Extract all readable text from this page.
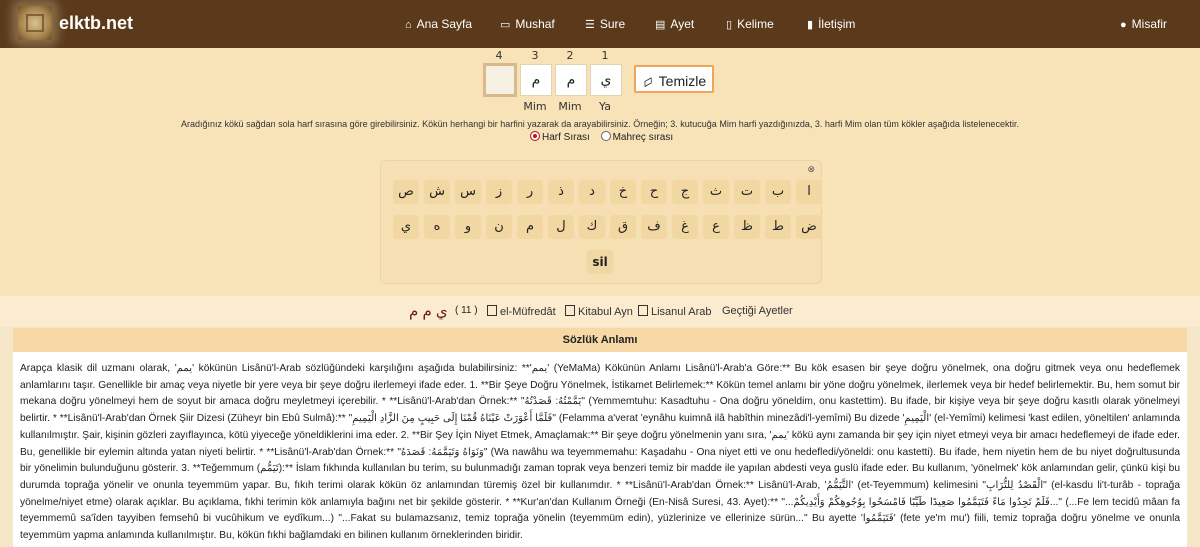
elktb.net	⌂ Ana Sayfa	▭ Mushaf	☰ Sure	▤ Ayet	▯ Kelime	▮ İletişim	● Misafir
4	3	2	1
م	م	ي
Mim	Mim	Ya
▱ Temizle
Aradığınız kökü sağdan sola harf sırasına göre girebilirsiniz. Kökün herhangi bir harfini yazarak da arayabilirsiniz. Örneğin; 3. kutucuğa Mim harfi yazdığınızda, 3. harfi Mim olan tüm kökler aşağıda listelenecektir.
Harf Sırası Mahreç sırası
⊗
ا
ب
ت
ث
ج
ح
خ
د
ذ
ر
ز
س
ش
ص
ض
ط
ظ
ع
غ
ف
ق
ك
ل
م
ن
و
ه
ي
sil
ي م م ( 11 )	el-Müfredât	Kitabul Ayn	Lisanul Arab Geçtiği Ayetler
Sözlük Anlamı
Arapça klasik dil uzmanı olarak, 'يمم' kökünün Lisânü'l-Arab sözlüğündeki karşılığını aşağıda bulabilirsiniz: **'يمم' (YeMaMa) Kökünün Anlamı Lisânü'l-Arab'a Göre:** Bu kök esasen bir şeye doğru yönelmek, ona doğru gitmek veya onu hedeflemek anlamlarını taşır. Genellikle bir amaç veya niyetle bir yere veya bir şeye doğru ilerlemeyi ifade eder. 1. **Bir Şeye Doğru Yönelmek, İstikamet Belirlemek:** Kökün temel anlamı bir yöne doğru yönelmek, ilerlemek veya bir hedef belirlemektir. Bu, hem somut bir mekana doğru yönelmeyi hem de soyut bir amaca doğru meyletmeyi içerebilir. * **Lisânü'l-Arab'dan Örnek:** "يَمَّمْتُهُ: قَصَدْتُهُ" (Yemmemtuhu: Kasadtuhu - Ona doğru yöneldim, onu kastettim). Bu ifade, bir kişiye veya bir şeye doğru kasıtlı olarak yönelmeyi belirtir. * **Lisânü'l-Arab'dan Örnek Şiir Dizesi (Züheyr bin Ebû Sulmâ):** "فَلَمَّا أَعْوَرَتْ عَيْنَاهُ قُمْنَا إِلَى حَبِيبٍ مِنَ الزَّادِ الْيَمِيمِ" (Felamma a'verat 'eynâhu kuimnâ ilâ habîthin minezâdi'l-yemîmi) Bu dizede 'الْيَمِيمِ' (el-Yemîmi) kelimesi 'kast edilen, yöneltilen' anlamında kullanılmıştır. Şair, kişinin gözleri zayıflayınca, kötü yiyeceğe yöneldiklerini ima eder. 2. **Bir Şey İçin Niyet Etmek, Amaçlamak:** Bir şeye doğru yönelmenin yanı sıra, 'يمم' kökü aynı zamanda bir şey için niyet etmeyi veya bir amacı hedeflemeyi de ifade eder. Bu, genellikle bir eylemin altında yatan niyeti belirtir. * **Lisânü'l-Arab'dan Örnek:** "وَنَوَاهُ وَتَيَمَّمَهُ: قَصَدَهُ" (Wa nawâhu wa teyemmemahu: Kaşadahu - Ona niyet etti ve onu hedefledi/yöneldi: onu kastetti). Bu ifade, hem niyetin hem de bu niyet doğrultusunda bir yönelimin bulunduğunu gösterir. 3. **Teğemmum (تَيَمُّم):** İslam fıkhında kullanılan bu terim, su bulunmadığı zaman toprak veya benzeri temiz bir madde ile yapılan abdesti veya guslü ifade eder. Bu kullanım, 'yönelmek' kök anlamından gelir, çünkü kişi bu durumda toprağa yönelir ve onunla teyemmüm yapar. Bu, fıkıh terimi olarak kökün öz anlamından türemiş özel bir kullanımdır. * **Lisânü'l-Arab'dan Örnek:** Lisânü'l-Arab, 'التَّيَمُّمُ' (et-Teyemmum) kelimesini "الْقَصْدُ لِلتُّرَابِ" (el-kasdu li't-turâb - toprağa yönelme/niyet etme) olarak açıklar. Bu açıklama, fıkhi terimin kök anlamıyla bağını net bir şekilde gösterir. * **Kur'an'dan Kullanım Örneği (En-Nisâ Suresi, 43. Ayet):** "...فَلَمْ تَجِدُوا مَاءً فَتَيَمَّمُوا صَعِيدًا طَيِّبًا فَامْسَحُوا بِوُجُوهِكُمْ وَأَيْدِيكُمْ..." (...Fe lem tecidû mâan fa teyemmemû sa'îden tayyiben femsehû bi vucûhikum ve eydîkum...) "...Fakat su bulamazsanız, temiz toprağa yönelin (teyemmüm edin), yüzlerinize ve ellerinize sürün..." Bu ayette 'فَتَيَمَّمُوا' (fete ye'm mu') fiili, temiz toprağa doğru yönelme ve onunla teyemmüm yapma anlamında kullanılmıştır. Bu, kökün fıkhi bağlamdaki en bilinen kullanım örneklerinden biridir.
